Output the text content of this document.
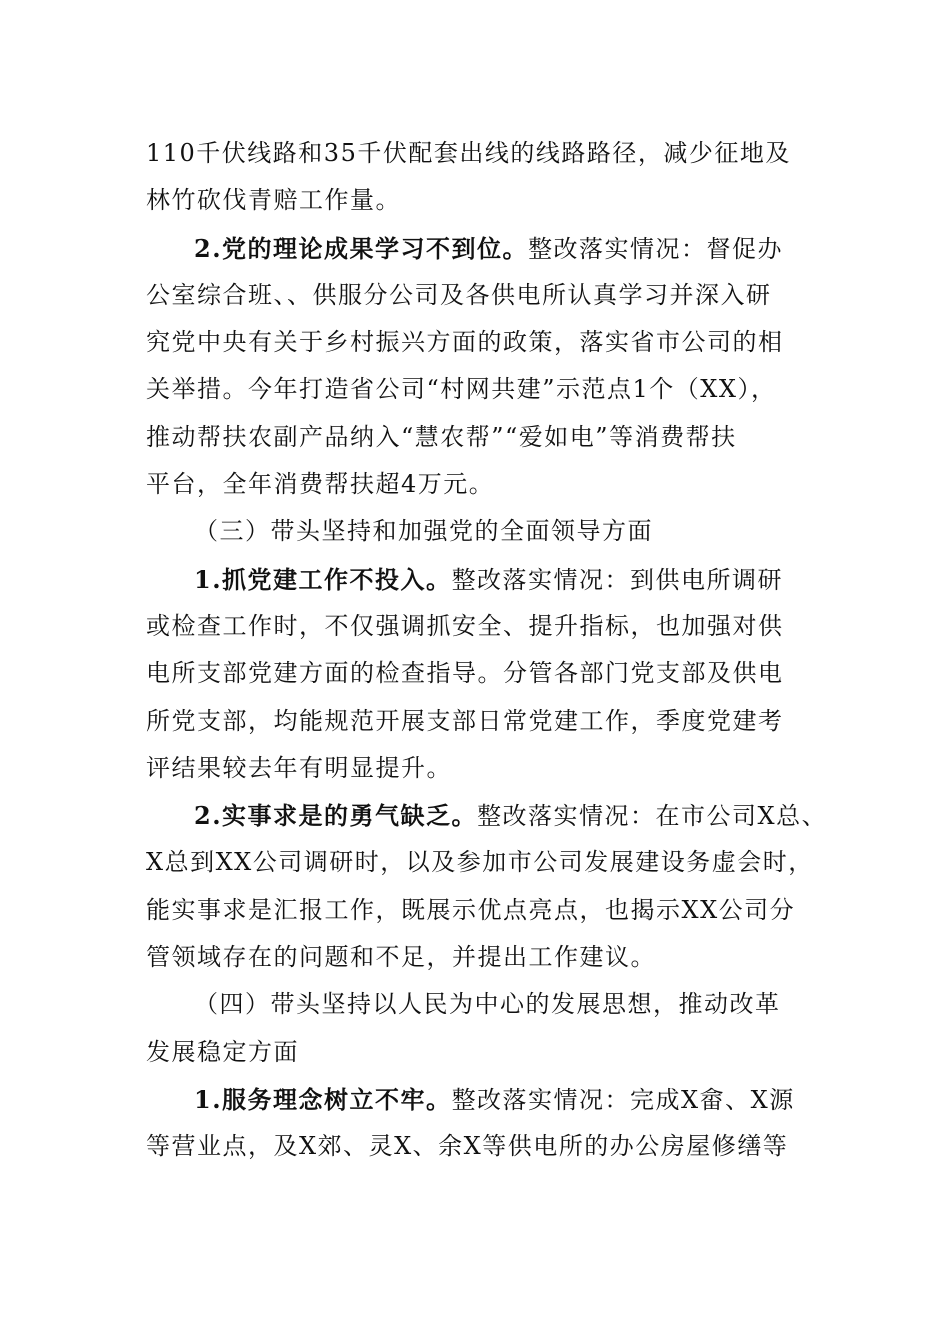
110千伏线路和35千伏配套出线的线路路径，减少征地及
林竹砍伐青赔工作量。
2.党的理论成果学习不到位。整改落实情况：督促办
公室综合班、、供服分公司及各供电所认真学习并深入研
究党中央有关于乡村振兴方面的政策，落实省市公司的相
关举措。今年打造省公司“村网共建”示范点1个（XX），
推动帮扶农副产品纳入“慧农帮”“爱如电”等消费帮扶
平台，全年消费帮扶超4万元。
（三）带头坚持和加强党的全面领导方面
1.抓党建工作不投入。整改落实情况：到供电所调研
或检查工作时，不仅强调抓安全、提升指标，也加强对供
电所支部党建方面的检查指导。分管各部门党支部及供电
所党支部，均能规范开展支部日常党建工作，季度党建考
评结果较去年有明显提升。
2.实事求是的勇气缺乏。整改落实情况：在市公司X总、
X总到XX公司调研时，以及参加市公司发展建设务虚会时，
能实事求是汇报工作，既展示优点亮点，也揭示XX公司分
管领域存在的问题和不足，并提出工作建议。
（四）带头坚持以人民为中心的发展思想，推动改革
发展稳定方面
1.服务理念树立不牢。整改落实情况：完成X畲、X源
等营业点，及X郊、灵X、余X等供电所的办公房屋修缮等
